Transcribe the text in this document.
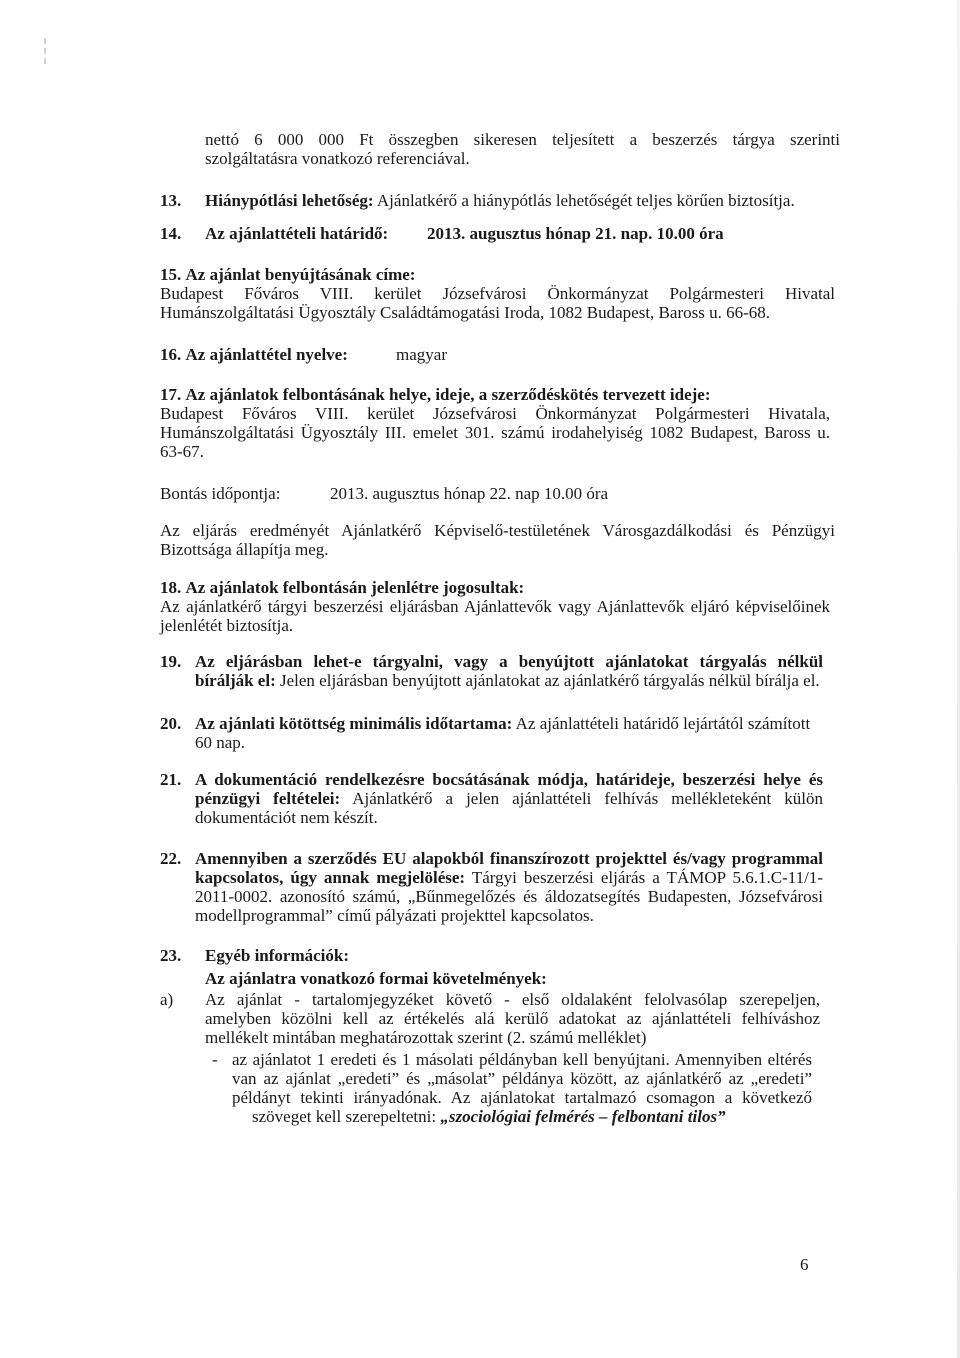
nettó 6 000 000 Ft összegben sikeresen teljesített a beszerzés tárgya szerinti
szolgáltatásra vonatkozó referenciával.
13. Hiánypótlási lehetőség: Ajánlatkérő a hiánypótlás lehetőségét teljes körűen biztosítja.
14. Az ajánlattételi határidő: 2013. augusztus hónap 21. nap. 10.00 óra
15. Az ajánlat benyújtásának címe:
Budapest Főváros VIII. kerület Józsefvárosi Önkormányzat Polgármesteri Hivatal
Humánszolgáltatási Ügyosztály Családtámogatási Iroda, 1082 Budapest, Baross u. 66-68.
16. Az ajánlattétel nyelve:	magyar
17. Az ajánlatok felbontásának helye, ideje, a szerződéskötés tervezett ideje:
Budapest Főváros VIII. kerület Józsefvárosi Önkormányzat Polgármesteri Hivatala,
Humánszolgáltatási Ügyosztály III. emelet 301. számú irodahelyiség 1082 Budapest, Baross u.
63-67.
Bontás időpontja:	2013. augusztus hónap 22. nap 10.00 óra
Az eljárás eredményét Ajánlatkérő Képviselő-testületének Városgazdálkodási és Pénzügyi
Bizottsága állapítja meg.
18. Az ajánlatok felbontásán jelenlétre jogosultak:
Az ajánlatkérő tárgyi beszerzési eljárásban Ajánlattevők vagy Ajánlattevők eljáró képviselőinek
jelenlétét biztosítja.
19. Az eljárásban lehet-e tárgyalni, vagy a benyújtott ajánlatokat tárgyalás nélkül
bírálják el: Jelen eljárásban benyújtott ajánlatokat az ajánlatkérő tárgyalás nélkül bírálja el.
20. Az ajánlati kötöttség minimális időtartama: Az ajánlattételi határidő lejártától számított
60 nap.
21. A dokumentáció rendelkezésre bocsátásának módja, határideje, beszerzési helye és
pénzügyi feltételei: Ajánlatkérő a jelen ajánlattételi felhívás mellékleteként külön
dokumentációt nem készít.
22. Amennyiben a szerződés EU alapokból finanszírozott projekttel és/vagy programmal
kapcsolatos, úgy annak megjelölése: Tárgyi beszerzési eljárás a TÁMOP 5.6.1.C-11/1-
2011-0002. azonosító számú, „Bűnmegelőzés és áldozatsegítés Budapesten, Józsefvárosi
modellprogrammal” című pályázati projekttel kapcsolatos.
23. Egyéb információk:
Az ajánlatra vonatkozó formai követelmények:
a) Az ajánlat - tartalomjegyzéket követő - első oldalaként felolvasólap szerepeljen,
amelyben közölni kell az értékelés alá kerülő adatokat az ajánlattételi felhíváshoz
mellékelt mintában meghatározottak szerint (2. számú melléklet)
- az ajánlatot 1 eredeti és 1 másolati példányban kell benyújtani. Amennyiben eltérés
van az ajánlat „eredeti” és „másolat” példánya között, az ajánlatkérő az „eredeti”
példányt tekinti irányadónak. Az ajánlatokat tartalmazó csomagon a következő
szöveget kell szerepeltetni: „szociológiai felmérés – felbontani tilos”
6
